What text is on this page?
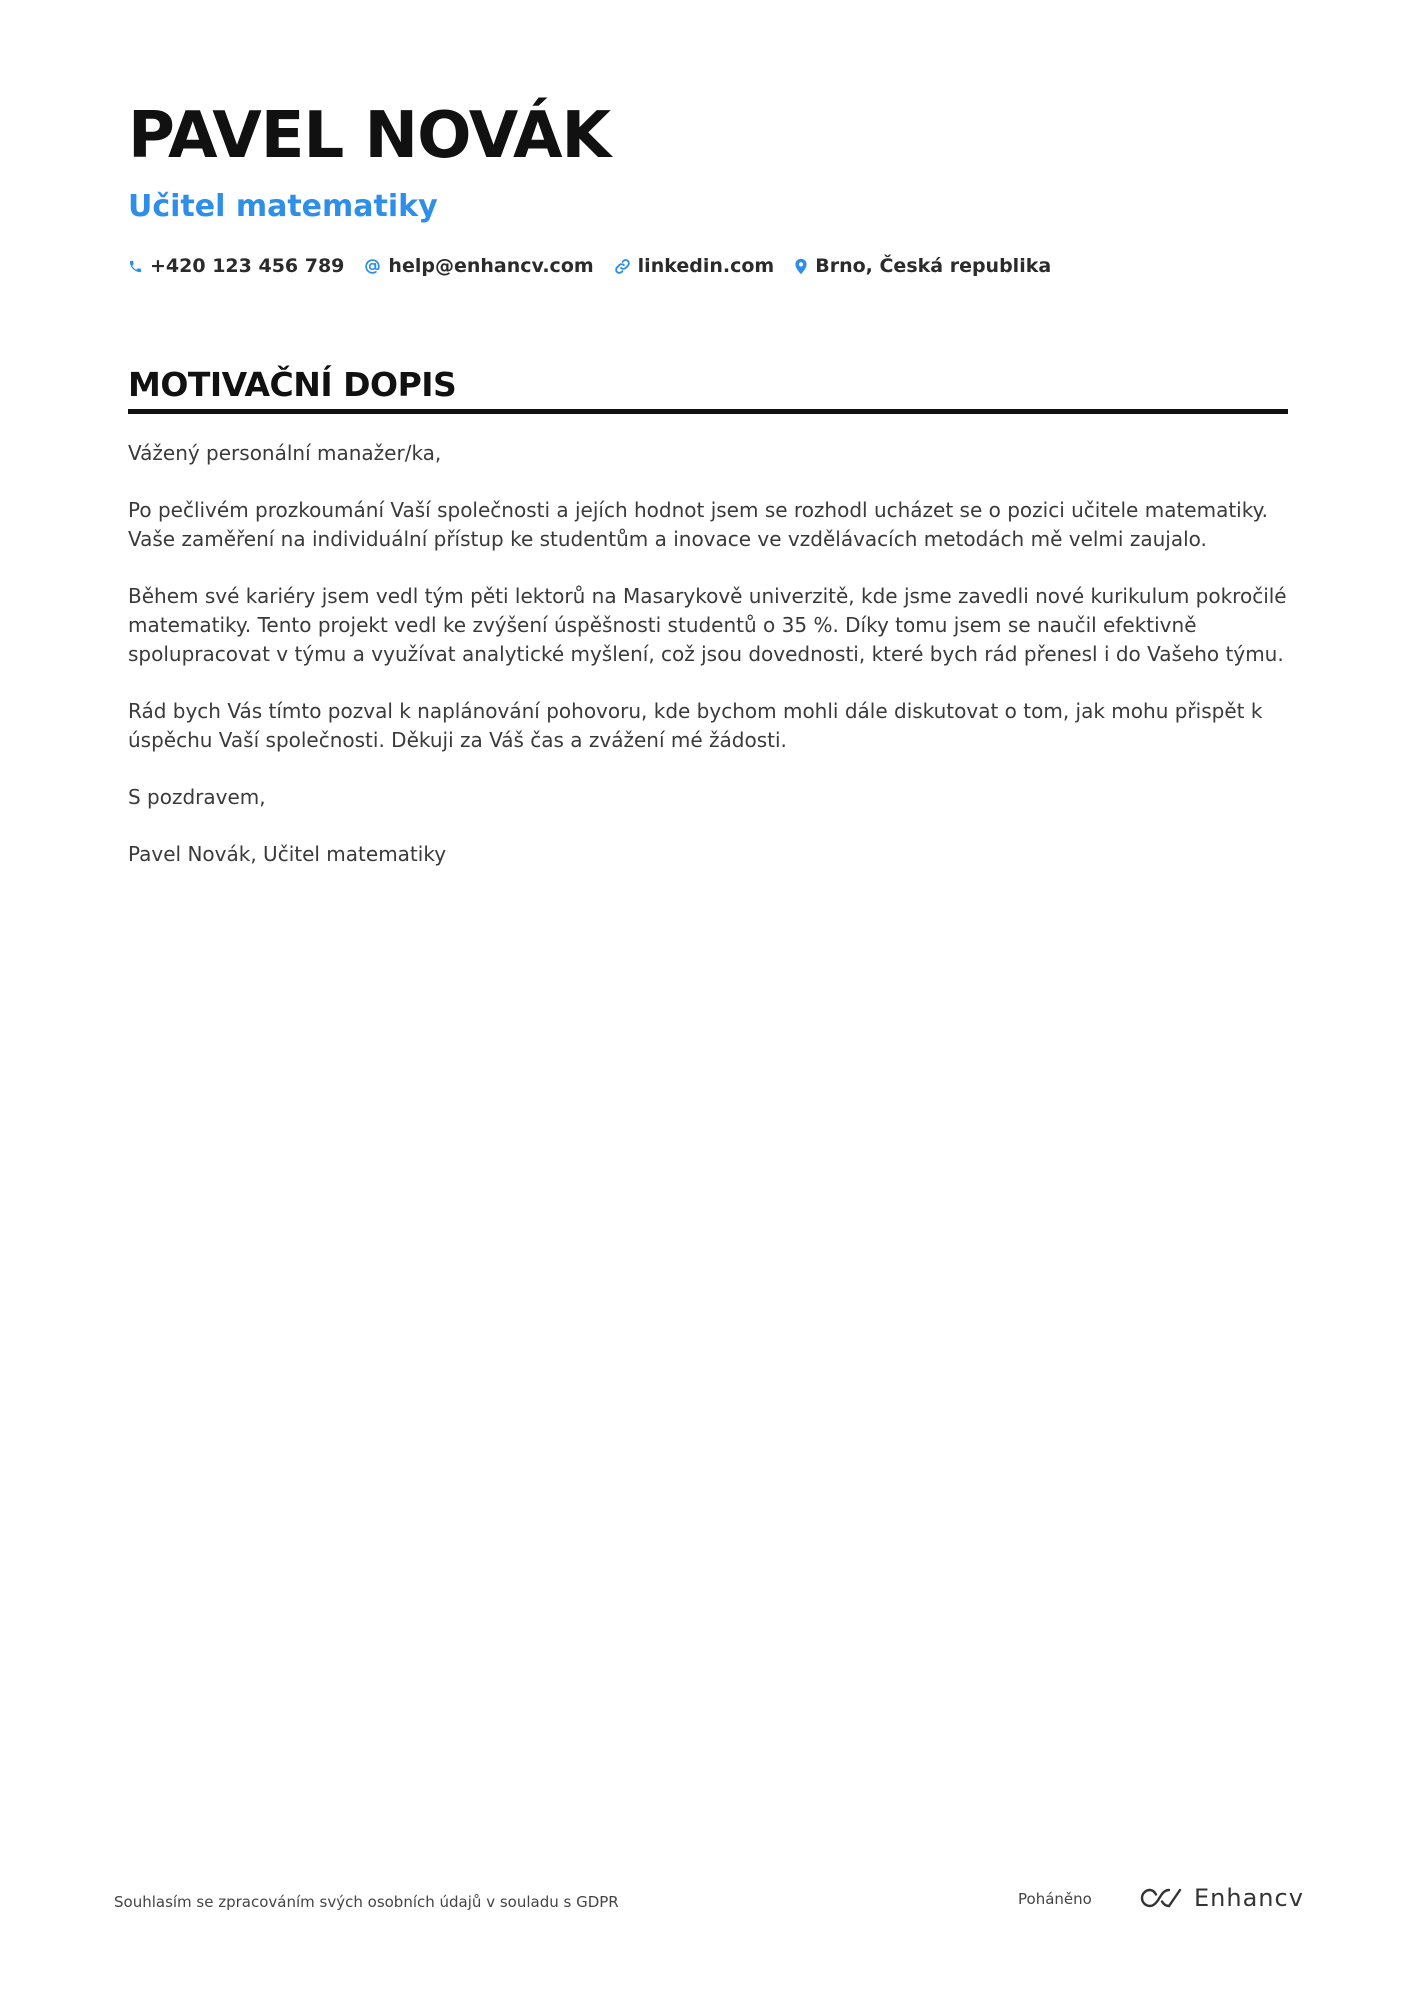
PAVEL NOVÁK
Učitel matematiky
+420 123 456 789 help@enhancv.com linkedin.com Brno, Česká republika
MOTIVAČNÍ DOPIS

Vážený personální manažer/ka,

Po pečlivém prozkoumání Vaší společnosti a jejích hodnot jsem se rozhodl ucházet se o pozici učitele matematiky. Vaše zaměření na individuální přístup ke studentům a inovace ve vzdělávacích metodách mě velmi zaujalo.

Během své kariéry jsem vedl tým pěti lektorů na Masarykově univerzitě, kde jsme zavedli nové kurikulum pokročilé matematiky. Tento projekt vedl ke zvýšení úspěšnosti studentů o 35 %. Díky tomu jsem se naučil efektivně spolupracovat v týmu a využívat analytické myšlení, což jsou dovednosti, které bych rád přenesl i do Vašeho týmu.

Rád bych Vás tímto pozval k naplánování pohovoru, kde bychom mohli dále diskutovat o tom, jak mohu přispět k úspěchu Vaší společnosti. Děkuji za Váš čas a zvážení mé žádosti.

S pozdravem,

Pavel Novák, Učitel matematiky

Souhlasím se zpracováním svých osobních údajů v souladu s GDPR	Poháněno	Enhancv
